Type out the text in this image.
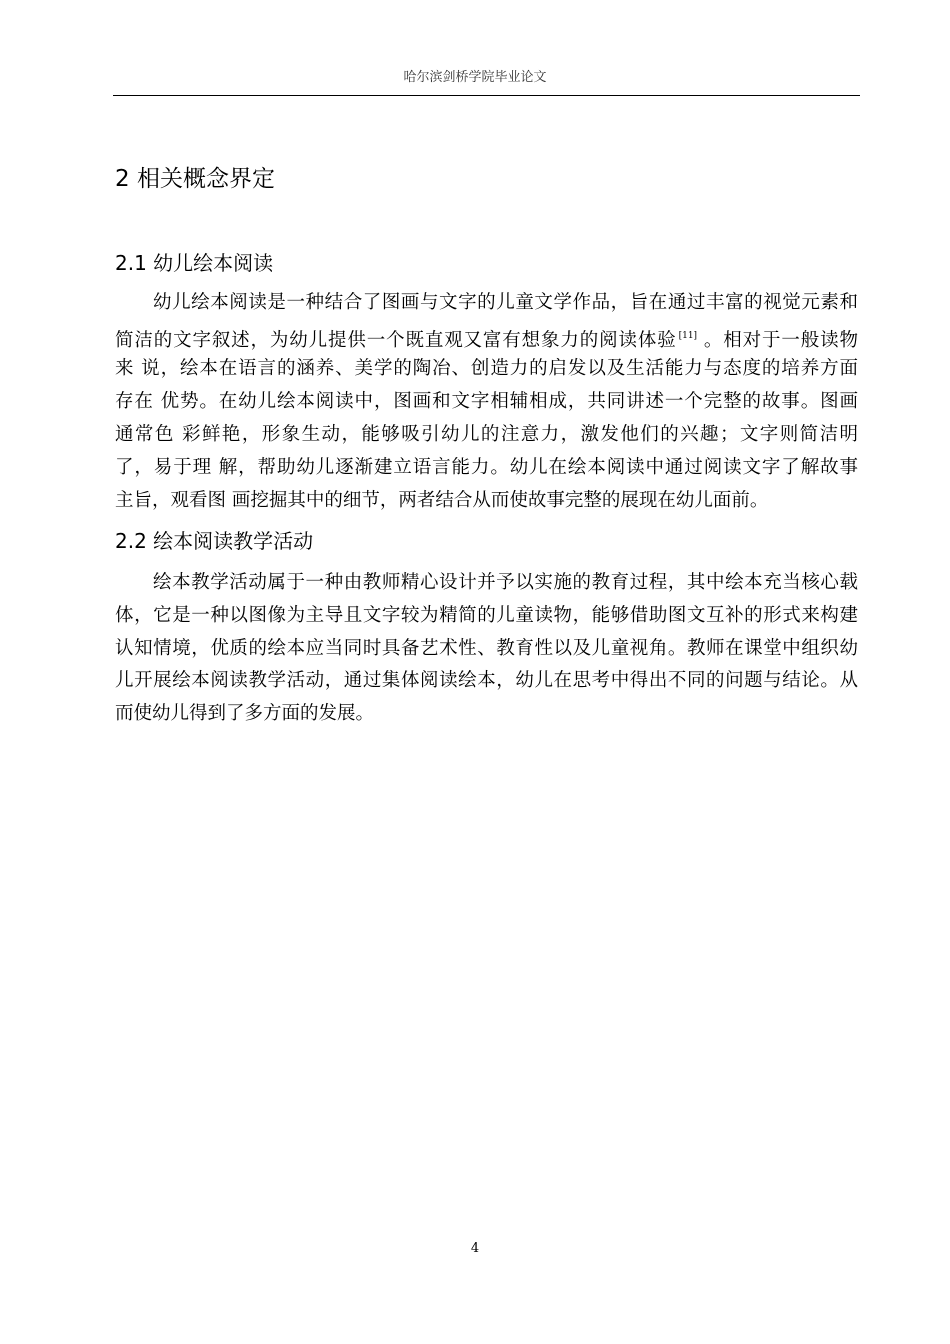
哈尔滨剑桥学院毕业论文
2 相关概念界定
2.1 幼儿绘本阅读
幼儿绘本阅读是一种结合了图画与文字的儿童文学作品，旨在通过丰富的视觉元素和
简洁的文字叙述，为幼儿提供一个既直观又富有想象力的阅读体验 [11] 。相对于一般读物
来 说，绘本在语言的涵养、美学的陶冶、创造力的启发以及生活能力与态度的培养方面
存在 优势。在幼儿绘本阅读中，图画和文字相辅相成，共同讲述一个完整的故事。图画
通常色 彩鲜艳，形象生动，能够吸引幼儿的注意力，激发他们的兴趣；文字则简洁明
了，易于理 解，帮助幼儿逐渐建立语言能力。幼儿在绘本阅读中通过阅读文字了解故事
主旨，观看图 画挖掘其中的细节，两者结合从而使故事完整的展现在幼儿面前。
2.2 绘本阅读教学活动
绘本教学活动属于一种由教师精心设计并予以实施的教育过程，其中绘本充当核心载
体，它是一种以图像为主导且文字较为精简的儿童读物，能够借助图文互补的形式来构建
认知情境，优质的绘本应当同时具备艺术性、教育性以及儿童视角。教师在课堂中组织幼
儿开展绘本阅读教学活动，通过集体阅读绘本，幼儿在思考中得出不同的问题与结论。从
而使幼儿得到了多方面的发展。
4
